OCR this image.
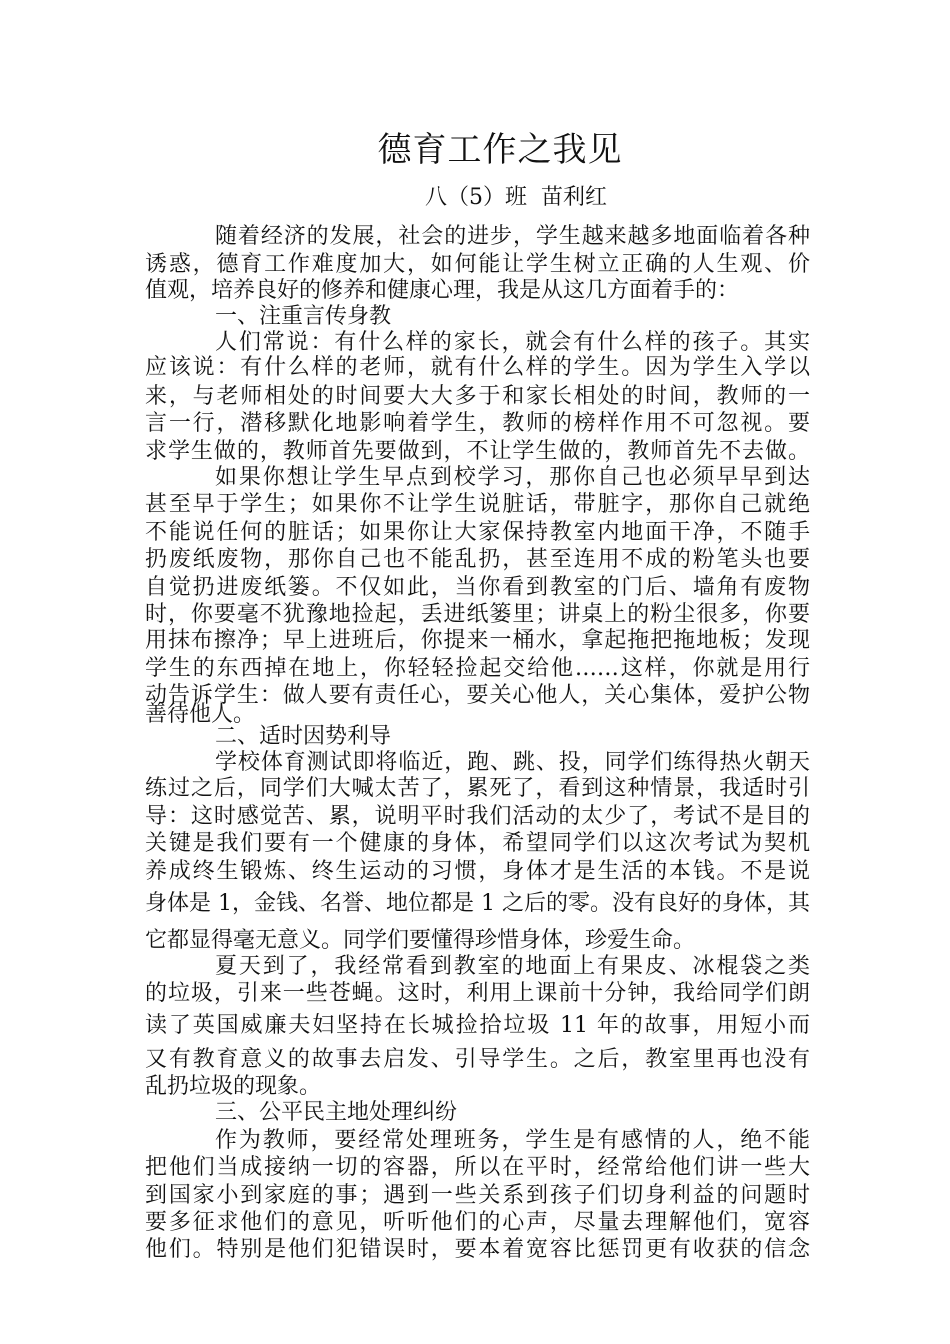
德育工作之我见
八（5）班  苗利红
随着经济的发展，社会的进步，学生越来越多地面临着各种
诱惑，德育工作难度加大，如何能让学生树立正确的人生观、价
值观，培养良好的修养和健康心理，我是从这几方面着手的：
一、注重言传身教
人们常说：有什么样的家长，就会有什么样的孩子。其实
应该说：有什么样的老师，就有什么样的学生。因为学生入学以
来，与老师相处的时间要大大多于和家长相处的时间，教师的一
言一行，潜移默化地影响着学生，教师的榜样作用不可忽视。要
求学生做的，教师首先要做到，不让学生做的，教师首先不去做。
如果你想让学生早点到校学习，那你自己也必须早早到达
甚至早于学生；如果你不让学生说脏话，带脏字，那你自己就绝
不能说任何的脏话；如果你让大家保持教室内地面干净，不随手
扔废纸废物，那你自己也不能乱扔，甚至连用不成的粉笔头也要
自觉扔进废纸篓。不仅如此，当你看到教室的门后、墙角有废物
时，你要毫不犹豫地捡起，丢进纸篓里；讲桌上的粉尘很多，你要
用抹布擦净；早上进班后，你提来一桶水，拿起拖把拖地板；发现
学生的东西掉在地上，你轻轻捡起交给他……这样，你就是用行
动告诉学生：做人要有责任心，要关心他人，关心集体，爱护公物
善待他人。
二、适时因势利导
学校体育测试即将临近，跑、跳、投，同学们练得热火朝天
练过之后，同学们大喊太苦了，累死了，看到这种情景，我适时引
导：这时感觉苦、累，说明平时我们活动的太少了，考试不是目的
关键是我们要有一个健康的身体，希望同学们以这次考试为契机
养成终生锻炼、终生运动的习惯，身体才是生活的本钱。不是说
身体是 1，金钱、名誉、地位都是 1 之后的零。没有良好的身体，其
它都显得毫无意义。同学们要懂得珍惜身体，珍爱生命。
夏天到了，我经常看到教室的地面上有果皮、冰棍袋之类
的垃圾，引来一些苍蝇。这时，利用上课前十分钟，我给同学们朗
读了英国威廉夫妇坚持在长城捡拾垃圾 11 年的故事，用短小而
又有教育意义的故事去启发、引导学生。之后，教室里再也没有
乱扔垃圾的现象。
三、公平民主地处理纠纷
作为教师，要经常处理班务，学生是有感情的人，绝不能
把他们当成接纳一切的容器，所以在平时，经常给他们讲一些大
到国家小到家庭的事；遇到一些关系到孩子们切身利益的问题时
要多征求他们的意见，听听他们的心声，尽量去理解他们，宽容
他们。特别是他们犯错误时，要本着宽容比惩罚更有收获的信念
